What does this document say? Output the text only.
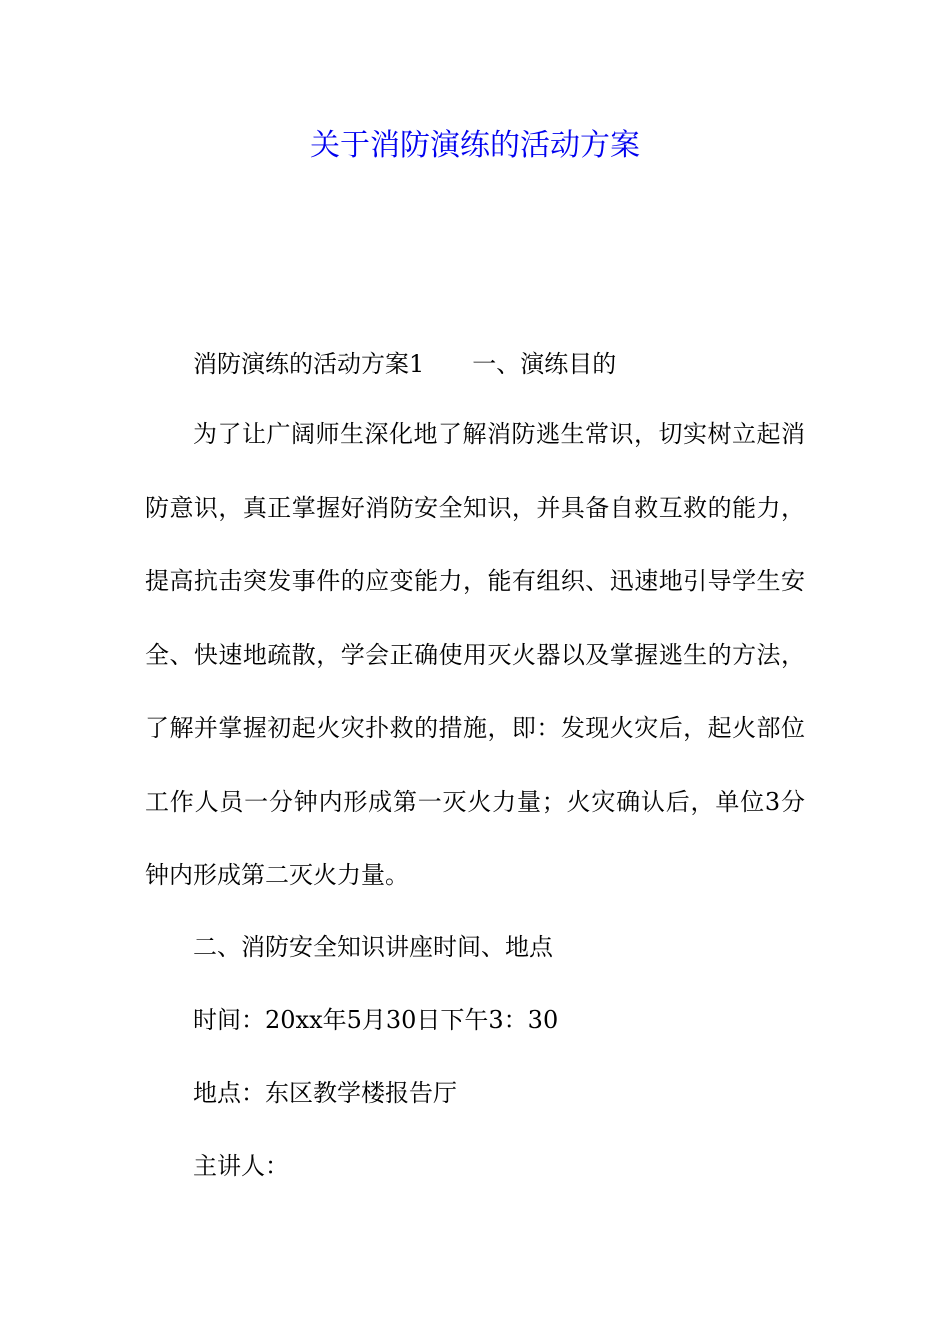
关于消防演练的活动方案

消防演练的活动方案1 一、演练目的

为了让广阔师生深化地了解消防逃生常识，切实树立起消防意识，真正掌握好消防安全知识，并具备自救互救的能力，提高抗击突发事件的应变能力，能有组织、迅速地引导学生安全、快速地疏散，学会正确使用灭火器以及掌握逃生的方法，了解并掌握初起火灾扑救的措施，即：发现火灾后，起火部位工作人员一分钟内形成第一灭火力量；火灾确认后，单位3分钟内形成第二灭火力量。

二、消防安全知识讲座时间、地点

时间：20xx年5月30日下午3：30

地点：东区教学楼报告厅

主讲人：
